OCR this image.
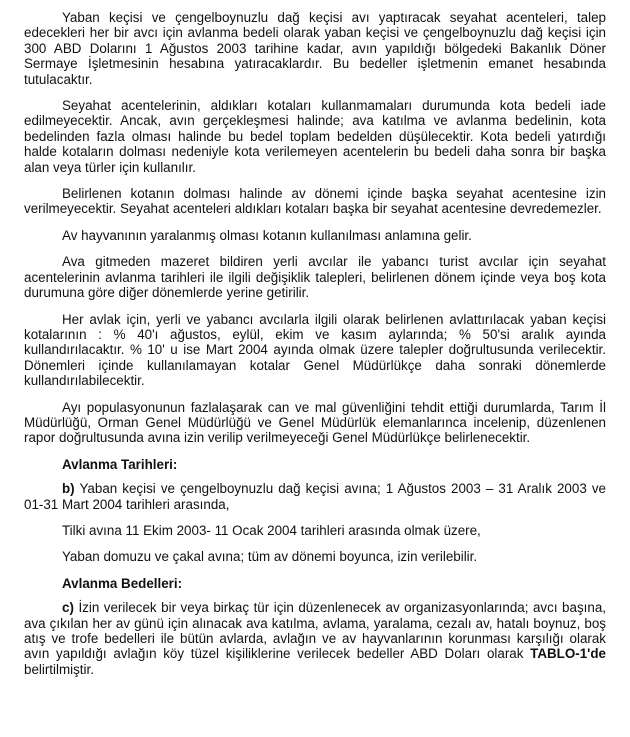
Yaban keçisi ve çengelboynuzlu dağ keçisi avı yaptıracak seyahat acenteleri, talep edecekleri her bir avcı için avlanma bedeli olarak yaban keçisi ve çengelboynuzlu dağ keçisi için 300 ABD Dolarını 1 Ağustos 2003 tarihine kadar, avın yapıldığı bölgedeki Bakanlık Döner Sermaye İşletmesinin hesabına yatıracaklardır. Bu bedeller işletmenin emanet hesabında tutulacaktır.

Seyahat acentelerinin, aldıkları kotaları kullanmamaları durumunda kota bedeli iade edilmeyecektir. Ancak, avın gerçekleşmesi halinde; ava katılma ve avlanma bedelinin, kota bedelinden fazla olması halinde bu bedel toplam bedelden düşülecektir. Kota bedeli yatırdığı halde kotaların dolması nedeniyle kota verilemeyen acentelerin bu bedeli daha sonra bir başka alan veya türler için kullanılır.

Belirlenen kotanın dolması halinde av dönemi içinde başka seyahat acentesine izin verilmeyecektir. Seyahat acenteleri aldıkları kotaları başka bir seyahat acentesine devredemezler.

Av hayvanının yaralanmış olması kotanın kullanılması anlamına gelir.

Ava gitmeden mazeret bildiren yerli avcılar ile yabancı turist avcılar için seyahat acentelerinin avlanma tarihleri ile ilgili değişiklik talepleri, belirlenen dönem içinde veya boş kota durumuna göre diğer dönemlerde yerine getirilir.

Her avlak için, yerli ve yabancı avcılarla ilgili olarak belirlenen avlattırılacak yaban keçisi kotalarının : % 40'ı ağustos, eylül, ekim ve kasım aylarında; % 50'si aralık ayında kullandırılacaktır. % 10' u ise Mart 2004 ayında olmak üzere talepler doğrultusunda verilecektir. Dönemleri içinde kullanılamayan kotalar Genel Müdürlükçe daha sonraki dönemlerde kullandırılabilecektir.

Ayı populasyonunun fazlalaşarak can ve mal güvenliğini tehdit ettiği durumlarda, Tarım İl Müdürlüğü, Orman Genel Müdürlüğü ve Genel Müdürlük elemanlarınca incelenip, düzenlenen rapor doğrultusunda avına izin verilip verilmeyeceği Genel Müdürlükçe belirlenecektir.

Avlanma Tarihleri:

b) Yaban keçisi ve çengelboynuzlu dağ keçisi avına; 1 Ağustos 2003 – 31 Aralık 2003 ve 01-31 Mart 2004 tarihleri arasında,

Tilki avına 11 Ekim 2003- 11 Ocak 2004 tarihleri arasında olmak üzere,

Yaban domuzu ve çakal avına; tüm av dönemi boyunca, izin verilebilir.

Avlanma Bedelleri:

c) İzin verilecek bir veya birkaç tür için düzenlenecek av organizasyonlarında; avcı başına, ava çıkılan her av günü için alınacak ava katılma, avlama, yaralama, cezalı av, hatalı boynuz, boş atış ve trofe bedelleri ile bütün avlarda, avlağın ve av hayvanlarının korunması karşılığı olarak avın yapıldığı avlağın köy tüzel kişiliklerine verilecek bedeller ABD Doları olarak TABLO-1'de belirtilmiştir.
